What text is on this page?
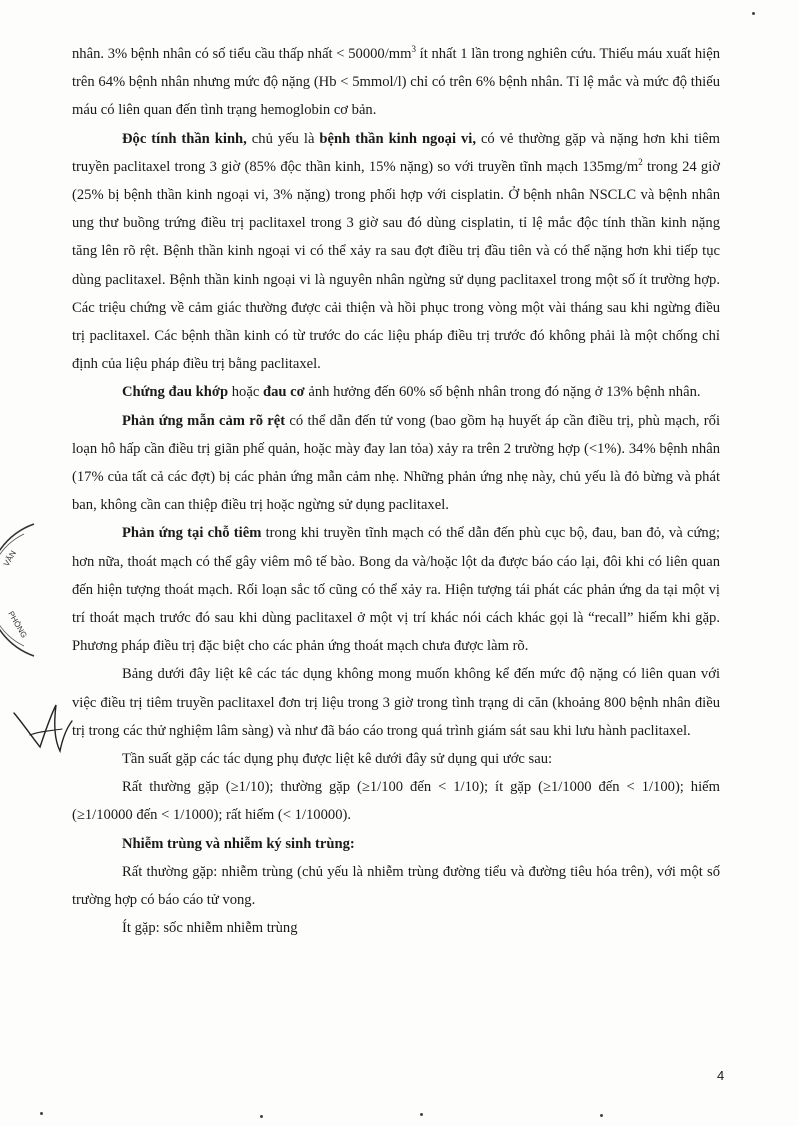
nhân. 3% bệnh nhân có số tiểu cầu thấp nhất < $50000/mm^3$ ít nhất 1 lần trong nghiên cứu. Thiếu máu xuất hiện trên 64% bệnh nhân nhưng mức độ nặng (Hb < 5mmol/l) chỉ có trên 6% bệnh nhân. Tỉ lệ mắc và mức độ thiếu máu có liên quan đến tình trạng hemoglobin cơ bản.

Độc tính thần kinh, chủ yếu là bệnh thần kinh ngoại vi, có vẻ thường gặp và nặng hơn khi tiêm truyền paclitaxel trong 3 giờ (85% độc thần kinh, 15% nặng) so với truyền tĩnh mạch $135mg/m^2$ trong 24 giờ (25% bị bệnh thần kinh ngoại vi, 3% nặng) trong phối hợp với cisplatin. Ở bệnh nhân NSCLC và bệnh nhân ung thư buồng trứng điều trị paclitaxel trong 3 giờ sau đó dùng cisplatin, tỉ lệ mắc độc tính thần kinh nặng tăng lên rõ rệt. Bệnh thần kinh ngoại vi có thể xảy ra sau đợt điều trị đầu tiên và có thể nặng hơn khi tiếp tục dùng paclitaxel. Bệnh thần kinh ngoại vi là nguyên nhân ngừng sử dụng paclitaxel trong một số ít trường hợp. Các triệu chứng về cảm giác thường được cải thiện và hồi phục trong vòng một vài tháng sau khi ngừng điều trị paclitaxel. Các bệnh thần kinh có từ trước do các liệu pháp điều trị trước đó không phải là một chống chỉ định của liệu pháp điều trị bằng paclitaxel.

Chứng đau khớp hoặc đau cơ ảnh hưởng đến 60% số bệnh nhân trong đó nặng ở 13% bệnh nhân.

Phản ứng mẫn cảm rõ rệt có thể dẫn đến tử vong (bao gồm hạ huyết áp cần điều trị, phù mạch, rối loạn hô hấp cần điều trị giãn phế quản, hoặc mày đay lan tỏa) xảy ra trên 2 trường hợp (<1%). 34% bệnh nhân (17% của tất cả các đợt) bị các phản ứng mẫn cảm nhẹ. Những phản ứng nhẹ này, chủ yếu là đỏ bừng và phát ban, không cần can thiệp điều trị hoặc ngừng sử dụng paclitaxel.

Phản ứng tại chỗ tiêm trong khi truyền tĩnh mạch có thể dẫn đến phù cục bộ, đau, ban đỏ, và cứng; hơn nữa, thoát mạch có thể gây viêm mô tế bào. Bong da và/hoặc lột da được báo cáo lại, đôi khi có liên quan đến hiện tượng thoát mạch. Rối loạn sắc tố cũng có thể xảy ra. Hiện tượng tái phát các phản ứng da tại một vị trí thoát mạch trước đó sau khi dùng paclitaxel ở một vị trí khác nói cách khác gọi là “recall” hiếm khi gặp. Phương pháp điều trị đặc biệt cho các phản ứng thoát mạch chưa được làm rõ.

Bảng dưới đây liệt kê các tác dụng không mong muốn không kể đến mức độ nặng có liên quan với việc điều trị tiêm truyền paclitaxel đơn trị liệu trong 3 giờ trong tình trạng di căn (khoảng 800 bệnh nhân điều trị trong các thử nghiệm lâm sàng) và như đã báo cáo trong quá trình giám sát sau khi lưu hành paclitaxel.

Tần suất gặp các tác dụng phụ được liệt kê dưới đây sử dụng qui ước sau:

Rất thường gặp (≥1/10); thường gặp (≥1/100 đến < 1/10); ít gặp (≥1/1000 đến < 1/100); hiếm (≥1/10000 đến < 1/1000); rất hiếm (< 1/10000).

Nhiễm trùng và nhiễm ký sinh trùng:

Rất thường gặp: nhiễm trùng (chủ yếu là nhiễm trùng đường tiểu và đường tiêu hóa trên), với một số trường hợp có báo cáo tử vong.

Ít gặp: sốc nhiễm nhiễm trùng

4
VĂN
PHÒNG
